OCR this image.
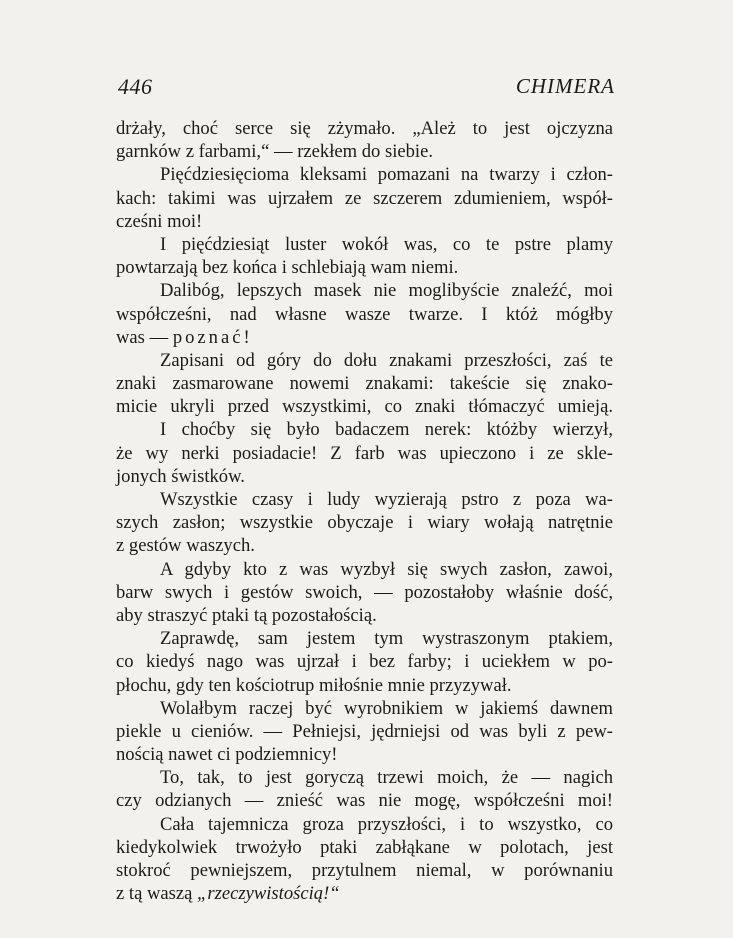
446	CHIMERA
drżały, choć serce się zżymało. „Ależ to jest ojczyzna
garnków z farbami,“ — rzekłem do siebie.
Pięćdziesięcioma kleksami pomazani na twarzy i człon-
kach: takimi was ujrzałem ze szczerem zdumieniem, współ-
cześni moi!
I pięćdziesiąt luster wokół was, co te pstre plamy
powtarzają bez końca i schlebiają wam niemi.
Dalibóg, lepszych masek nie moglibyście znaleźć, moi
współcześni, nad własne wasze twarze. I któż mógłby
was — poznać!
Zapisani od góry do dołu znakami przeszłości, zaś te
znaki zasmarowane nowemi znakami: takeście się znako-
micie ukryli przed wszystkimi, co znaki tłómaczyć umieją.
I choćby się było badaczem nerek: któżby wierzył,
że wy nerki posiadacie! Z farb was upieczono i ze skle-
jonych świstków.
Wszystkie czasy i ludy wyzierają pstro z poza wa-
szych zasłon; wszystkie obyczaje i wiary wołają natrętnie
z gestów waszych.
A gdyby kto z was wyzbył się swych zasłon, zawoi,
barw swych i gestów swoich, — pozostałoby właśnie dość,
aby straszyć ptaki tą pozostałością.
Zaprawdę, sam jestem tym wystraszonym ptakiem,
co kiedyś nago was ujrzał i bez farby; i uciekłem w po-
płochu, gdy ten kościotrup miłośnie mnie przyzywał.
Wolałbym raczej być wyrobnikiem w jakiemś dawnem
piekle u cieniów. — Pełniejsi, jędrniejsi od was byli z pew-
nością nawet ci podziemnicy!
To, tak, to jest goryczą trzewi moich, że — nagich
czy odzianych — znieść was nie mogę, współcześni moi!
Cała tajemnicza groza przyszłości, i to wszystko, co
kiedykolwiek trwożyło ptaki zabłąkane w polotach, jest
stokroć pewniejszem, przytulnem niemal, w porównaniu
z tą waszą „rzeczywistością!“
